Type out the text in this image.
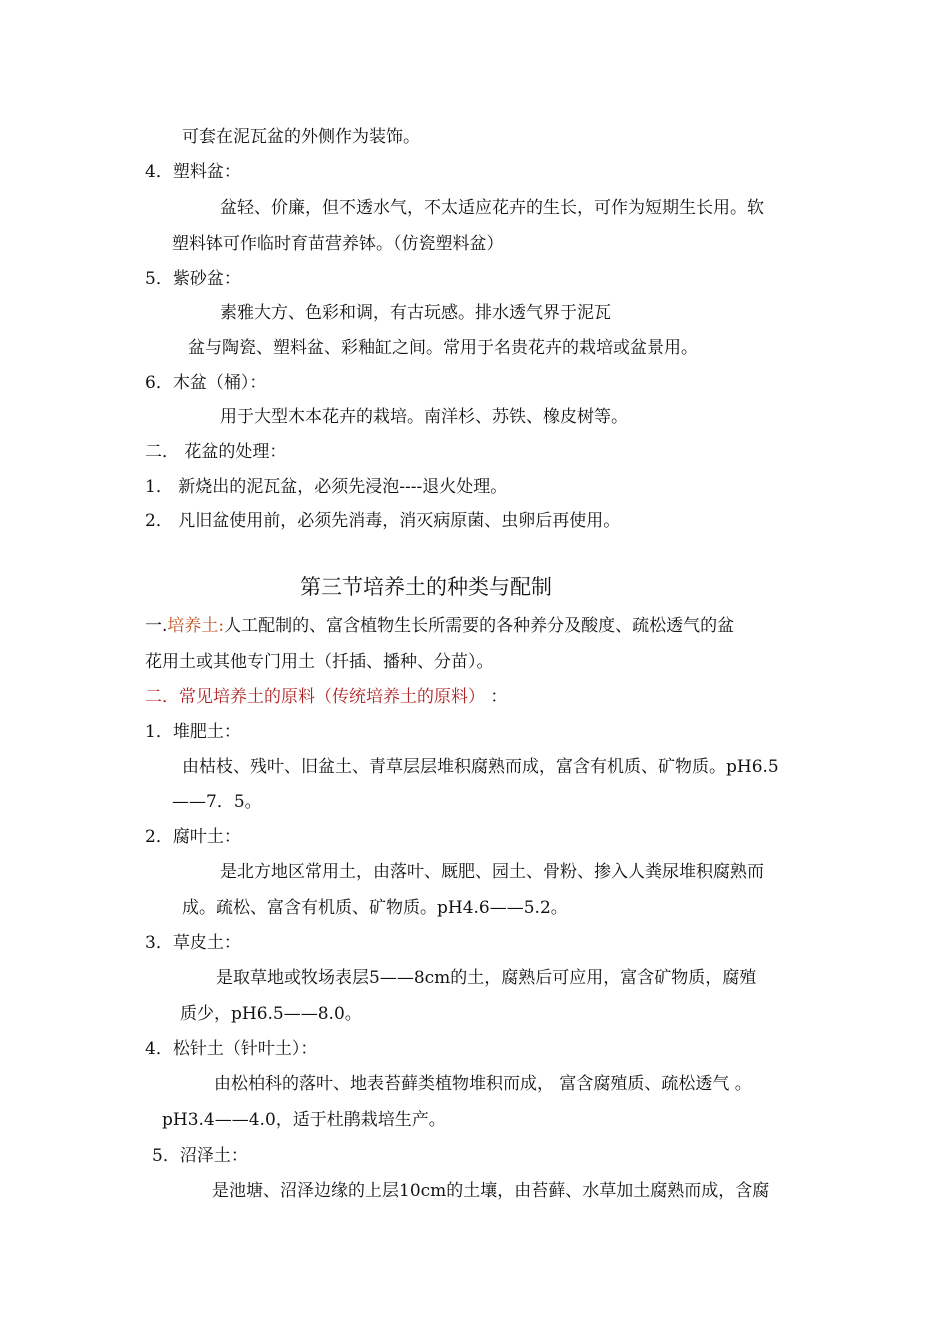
可套在泥瓦盆的外侧作为装饰。
4．塑料盆：
盆轻、价廉，但不透水气，不太适应花卉的生长，可作为短期生长用。软
塑料钵可作临时育苗营养钵。（仿瓷塑料盆）
5．紫砂盆：
素雅大方、色彩和调，有古玩感。排水透气界于泥瓦
盆与陶瓷、塑料盆、彩釉缸之间。常用于名贵花卉的栽培或盆景用。
6．木盆（桶）：
用于大型木本花卉的栽培。南洋杉、苏铁、橡皮树等。
二． 花盆的处理：
1． 新烧出的泥瓦盆，必须先浸泡----退火处理。
2． 凡旧盆使用前，必须先消毒，消灭病原菌、虫卵后再使用。
第三节培养土的种类与配制
一.培养土:人工配制的、富含植物生长所需要的各种养分及酸度、疏松透气的盆
花用土或其他专门用土（扦插、播种、分苗）。
二．常见培养土的原料（传统培养土的原料） ：
1．堆肥土：
由枯枝、残叶、旧盆土、青草层层堆积腐熟而成，富含有机质、矿物质。pH6.5
——7．5。
2．腐叶土：
是北方地区常用土，由落叶、厩肥、园土、骨粉、掺入人粪尿堆积腐熟而
成。疏松、富含有机质、矿物质。pH4.6——5.2。
3．草皮土：
是取草地或牧场表层5——8cm的土，腐熟后可应用，富含矿物质，腐殖
质少，pH6.5——8.0。
4．松针土（针叶土）：
由松柏科的落叶、地表苔藓类植物堆积而成， 富含腐殖质、疏松透气 。
pH3.4——4.0，适于杜鹃栽培生产。
5．沼泽土：
是池塘、沼泽边缘的上层10cm的土壤，由苔藓、水草加土腐熟而成，含腐
